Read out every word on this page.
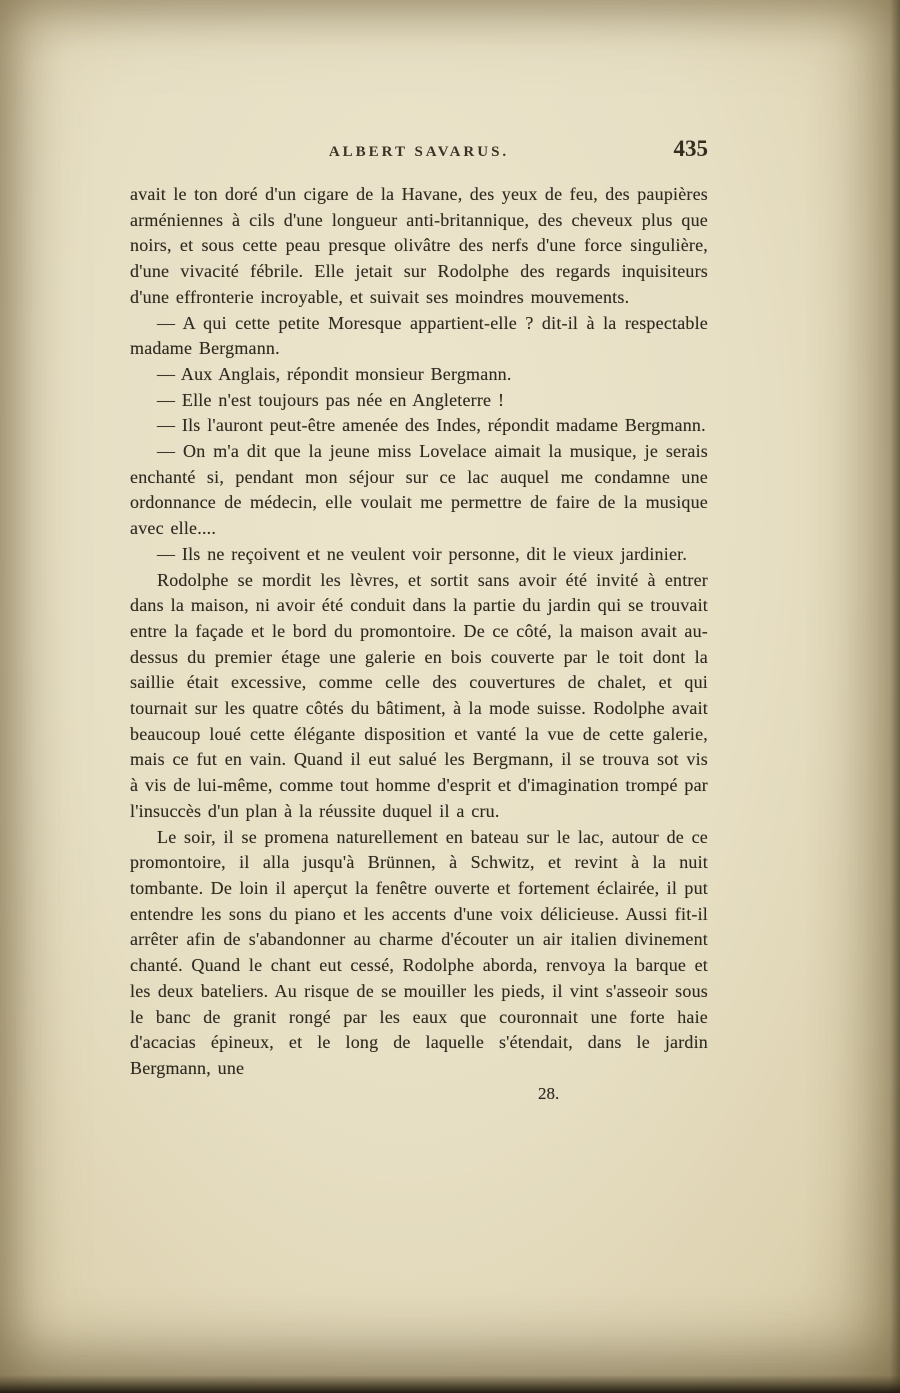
ALBERT SAVARUS.	435

avait le ton doré d'un cigare de la Havane, des yeux de feu, des paupières arméniennes à cils d'une longueur anti-britannique, des cheveux plus que noirs, et sous cette peau presque olivâtre des nerfs d'une force singulière, d'une vivacité fébrile. Elle jetait sur Rodolphe des regards inquisiteurs d'une effronterie incroyable, et suivait ses moindres mouvements.

— A qui cette petite Moresque appartient-elle ? dit-il à la respectable madame Bergmann.

— Aux Anglais, répondit monsieur Bergmann.

— Elle n'est toujours pas née en Angleterre !

— Ils l'auront peut-être amenée des Indes, répondit madame Bergmann.

— On m'a dit que la jeune miss Lovelace aimait la musique, je serais enchanté si, pendant mon séjour sur ce lac auquel me condamne une ordonnance de médecin, elle voulait me permettre de faire de la musique avec elle....

— Ils ne reçoivent et ne veulent voir personne, dit le vieux jardinier.

Rodolphe se mordit les lèvres, et sortit sans avoir été invité à entrer dans la maison, ni avoir été conduit dans la partie du jardin qui se trouvait entre la façade et le bord du promontoire. De ce côté, la maison avait au-dessus du premier étage une galerie en bois couverte par le toit dont la saillie était excessive, comme celle des couvertures de chalet, et qui tournait sur les quatre côtés du bâtiment, à la mode suisse. Rodolphe avait beaucoup loué cette élégante disposition et vanté la vue de cette galerie, mais ce fut en vain. Quand il eut salué les Bergmann, il se trouva sot vis à vis de lui-même, comme tout homme d'esprit et d'imagination trompé par l'insuccès d'un plan à la réussite duquel il a cru.

Le soir, il se promena naturellement en bateau sur le lac, autour de ce promontoire, il alla jusqu'à Brünnen, à Schwitz, et revint à la nuit tombante. De loin il aperçut la fenêtre ouverte et fortement éclairée, il put entendre les sons du piano et les accents d'une voix délicieuse. Aussi fit-il arrêter afin de s'abandonner au charme d'écouter un air italien divinement chanté. Quand le chant eut cessé, Rodolphe aborda, renvoya la barque et les deux bateliers. Au risque de se mouiller les pieds, il vint s'asseoir sous le banc de granit rongé par les eaux que couronnait une forte haie d'acacias épineux, et le long de laquelle s'étendait, dans le jardin Bergmann, une

28.
